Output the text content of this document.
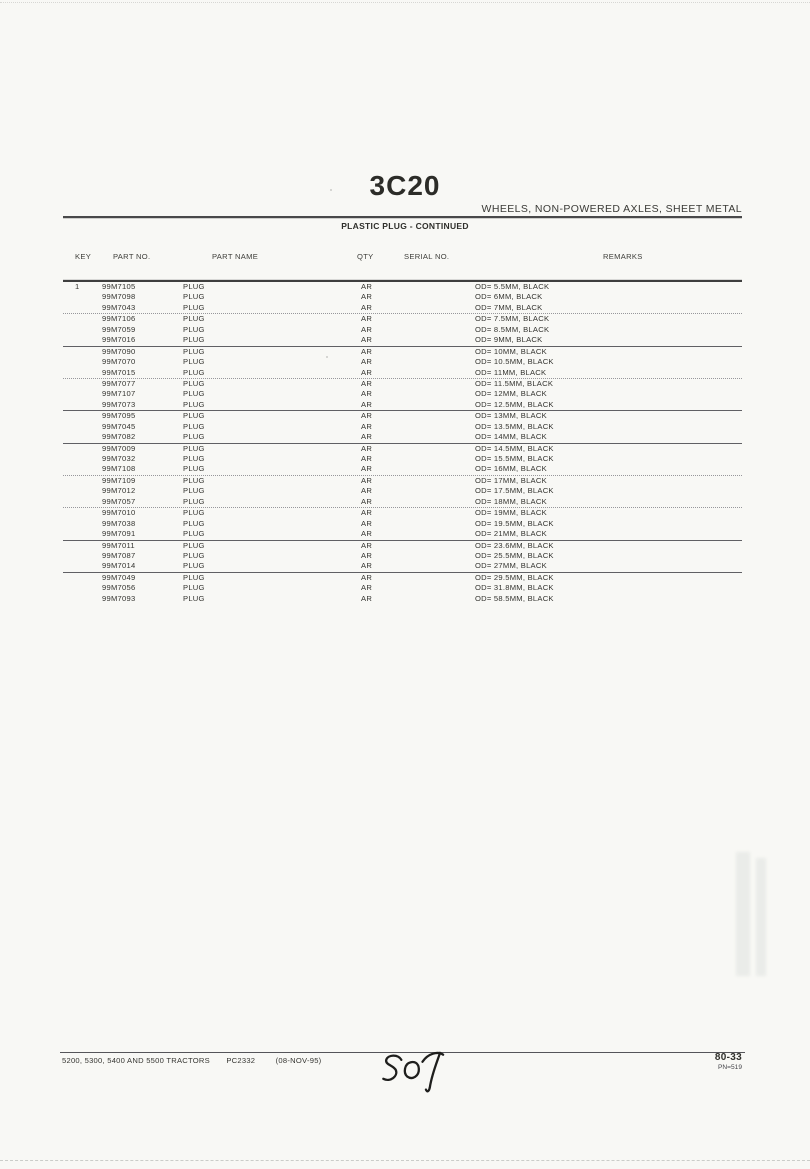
3C20
WHEELS, NON-POWERED AXLES, SHEET METAL
PLASTIC PLUG - CONTINUED
KEY	PART NO.	PART NAME	QTY	SERIAL NO.	REMARKS
1	99M7105	PLUG	AR	OD= 5.5MM, BLACK
99M7098	PLUG	AR	OD= 6MM, BLACK
99M7043	PLUG	AR	OD= 7MM, BLACK
99M7106	PLUG	AR	OD= 7.5MM, BLACK
99M7059	PLUG	AR	OD= 8.5MM, BLACK
99M7016	PLUG	AR	OD= 9MM, BLACK
99M7090	PLUG	AR	OD= 10MM, BLACK
99M7070	PLUG	AR	OD= 10.5MM, BLACK
99M7015	PLUG	AR	OD= 11MM, BLACK
99M7077	PLUG	AR	OD= 11.5MM, BLACK
99M7107	PLUG	AR	OD= 12MM, BLACK
99M7073	PLUG	AR	OD= 12.5MM, BLACK
99M7095	PLUG	AR	OD= 13MM, BLACK
99M7045	PLUG	AR	OD= 13.5MM, BLACK
99M7082	PLUG	AR	OD= 14MM, BLACK
99M7009	PLUG	AR	OD= 14.5MM, BLACK
99M7032	PLUG	AR	OD= 15.5MM, BLACK
99M7108	PLUG	AR	OD= 16MM, BLACK
99M7109	PLUG	AR	OD= 17MM, BLACK
99M7012	PLUG	AR	OD= 17.5MM, BLACK
99M7057	PLUG	AR	OD= 18MM, BLACK
99M7010	PLUG	AR	OD= 19MM, BLACK
99M7038	PLUG	AR	OD= 19.5MM, BLACK
99M7091	PLUG	AR	OD= 21MM, BLACK
99M7011	PLUG	AR	OD= 23.6MM, BLACK
99M7087	PLUG	AR	OD= 25.5MM, BLACK
99M7014	PLUG	AR	OD= 27MM, BLACK
99M7049	PLUG	AR	OD= 29.5MM, BLACK
99M7056	PLUG	AR	OD= 31.8MM, BLACK
99M7093	PLUG	AR	OD= 58.5MM, BLACK
5200, 5300, 5400 AND 5500 TRACTORS PC2332	(08-NOV-95)	80-33
PN=519
